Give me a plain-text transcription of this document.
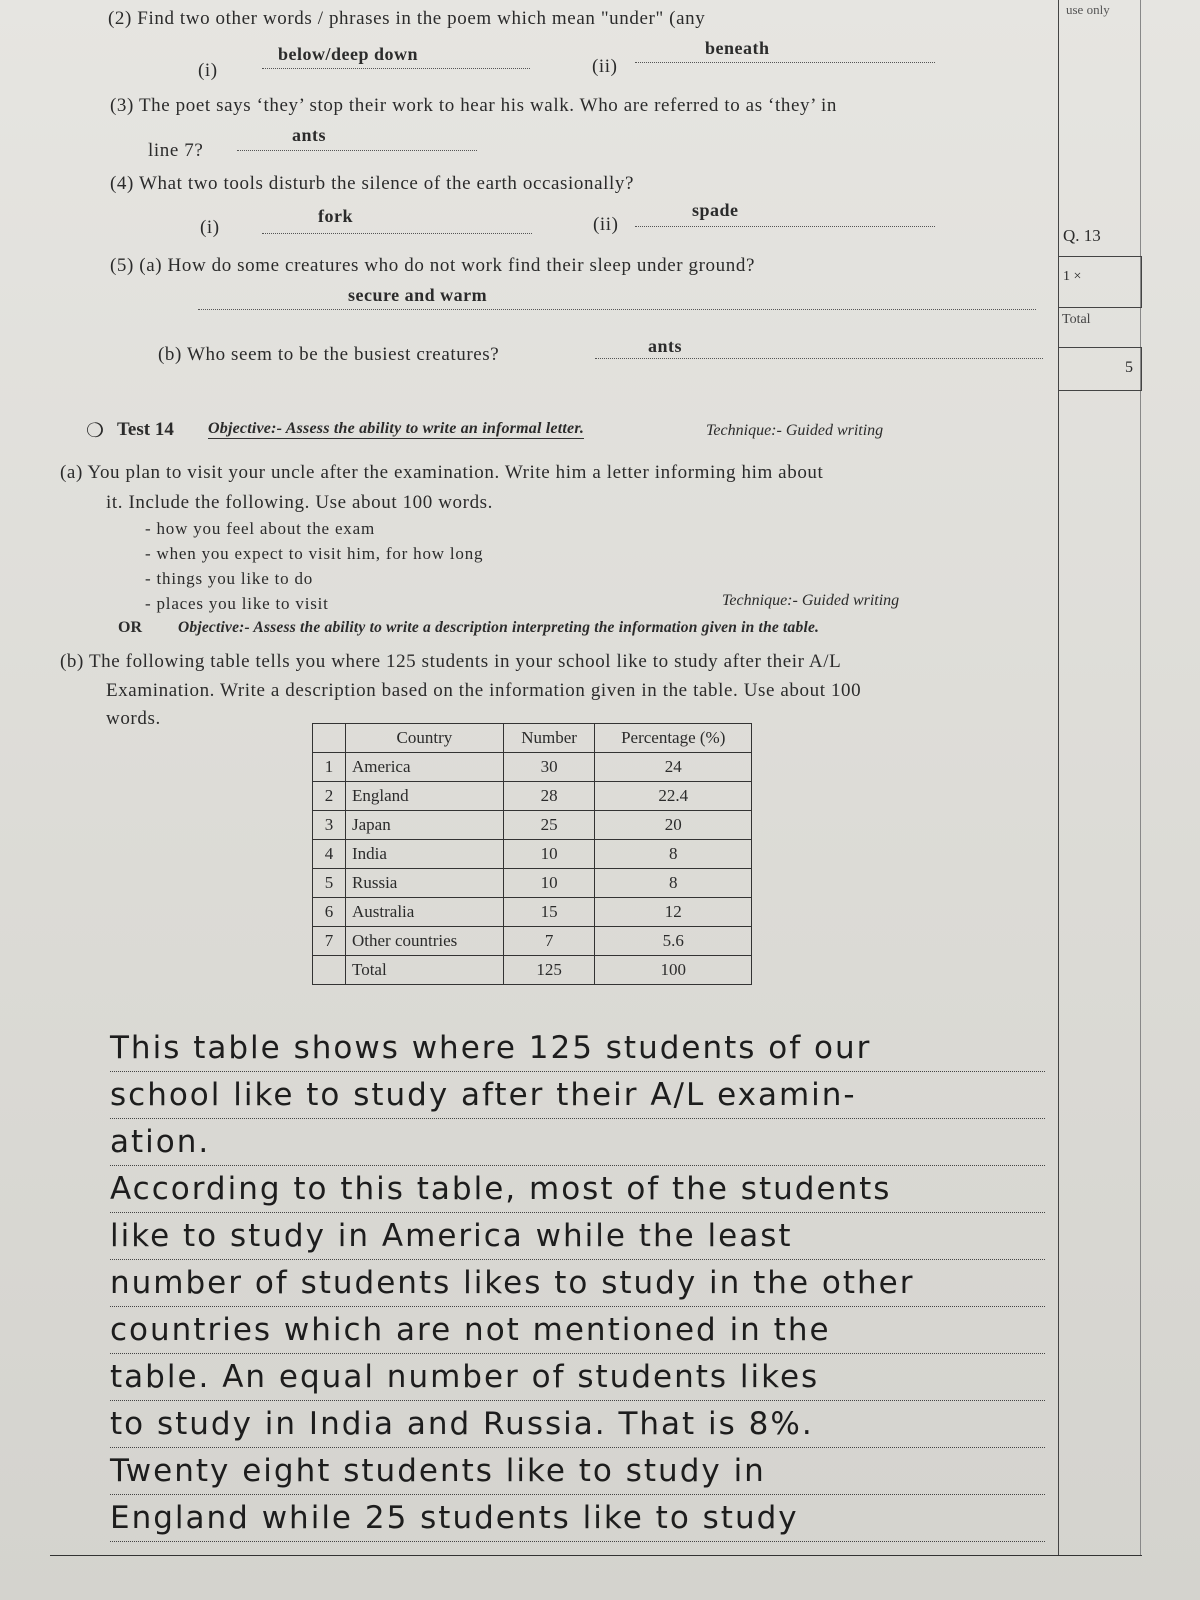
use only
(2) Find two other words / phrases in the poem which mean "under" (any
(i)
below/deep down
(ii)
beneath
(3) The poet says ‘they’ stop their work to hear his walk. Who are referred to as ‘they’ in
line 7?
ants
(4) What two tools disturb the silence of the earth occasionally?
(i)
fork	(ii)
spade
(5) (a) How do some creatures who do not work find their sleep under ground?
secure and warm
(b) Who seem to be the busiest creatures?	ants
Q. 13
1 ×
Total
5
❍ Test 14 Objective:- Assess the ability to write an informal letter.	Technique:- Guided writing
(a) You plan to visit your uncle after the examination. Write him a letter informing him about
it. Include the following. Use about 100 words.
- how you feel about the exam
- when you expect to visit him, for how long
- things you like to do
- places you like to visit	Technique:- Guided writing
OR Objective:- Assess the ability to write a description interpreting the information given in the table.
(b) The following table tells you where 125 students in your school like to study after their A/L
Examination. Write a description based on the information given in the table. Use about 100
words.
	Country	Number	Percentage (%)
1	America	30	24
2	England	28	22.4
3	Japan	25	20
4	India	10	8
5	Russia	10	8
6	Australia	15	12
7	Other countries	7	5.6
	Total	125	100
This table shows where 125 students of our
school like to study after their A/L examin-
ation.
According to this table, most of the students
like to study in America while the least
number of students likes to study in the other
countries which are not mentioned in the
table. An equal number of students likes
to study in India and Russia. That is 8%.
Twenty eight students like to study in
England while 25 students like to study
